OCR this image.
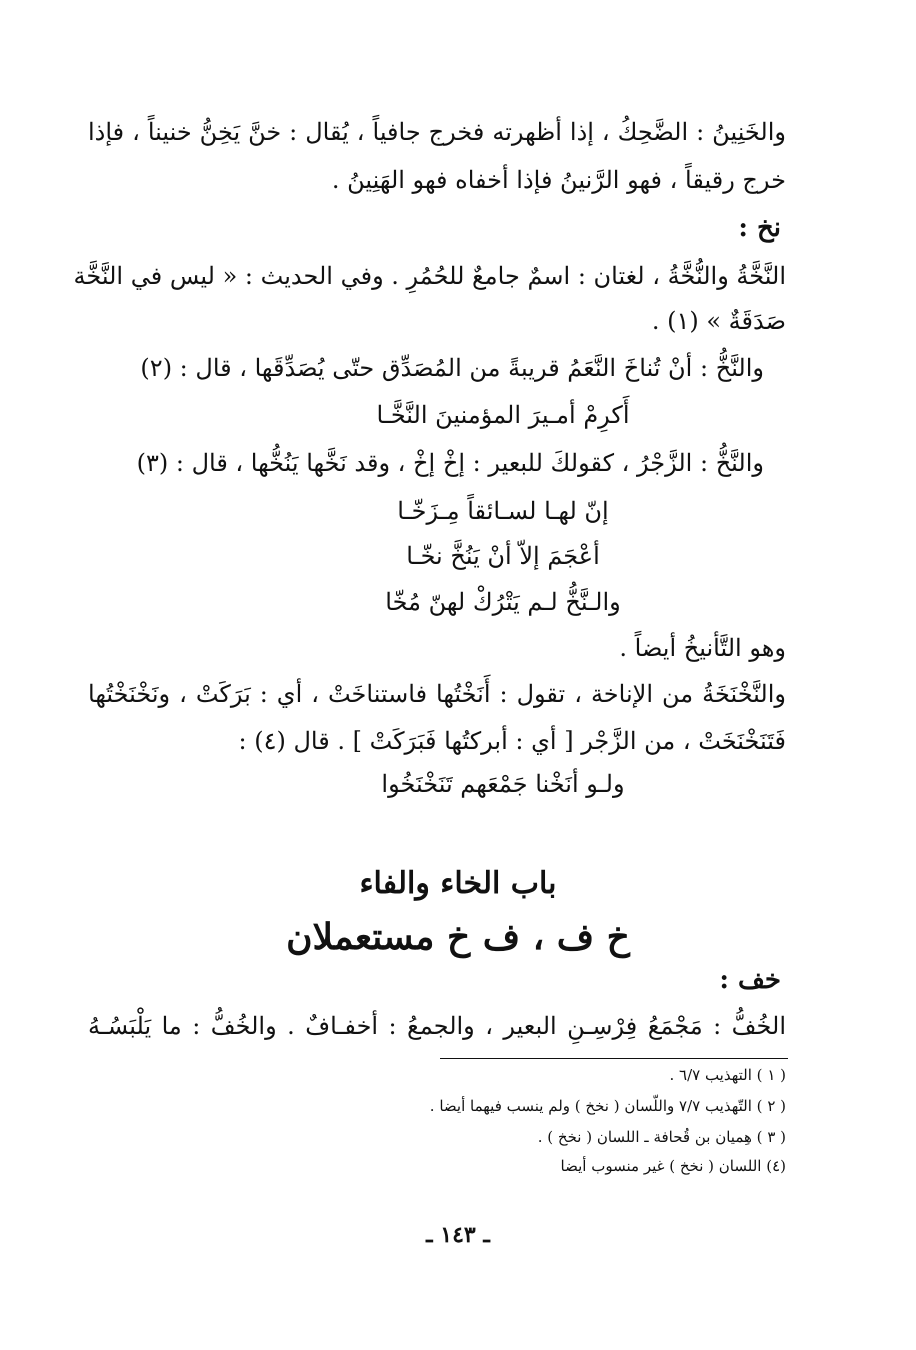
والخَنِينُ : الضَّحِكُ ، إذا أظهرته فخرج جافياً ، يُقال : خنَّ يَخِنُّ خنيناً ، فإذا
خرج رقيقاً ، فهو الرَّنينُ فإذا أخفاه فهو الهَنِينُ .
نخ :
النَّخَّةُ والنُّخَّةُ ، لغتان : اسمٌ جامعٌ للحُمُرِ . وفي الحديث : « ليس في النَّخَّة
صَدَقَةٌ » (١) .
والنَّخُّ : أنْ تُناخَ النَّعَمُ قريبةً من المُصَدِّق حتّى يُصَدِّقَها ، قال : (٢)
أَكرِمْ أمـيرَ المؤمنينَ النَّخَّـا
والنَّخُّ : الزَّجْرُ ، كقولكَ للبعير : إخْ إخْ ، وقد نَخَّها يَنُخُّها ، قال : (٣)
إنّ لهـا لسـائقاً مِـزَخّـا
أعْجَمَ إلاّ أنْ يَنُخَّ نخّـا
والـنَّخُّ لـم يَتْرُكْ لهنّ مُخّا
وهو التَّأنيخُ أيضاً .
والنَّخْنَخَةُ من الإناخة ، تقول : أَنَخْتُها فاستناخَتْ ، أي : بَرَكَتْ ، ونَخْنَخْتُها
فَتَنَخْنَخَتْ ، من الزَّجْر [ أي : أبركتُها فَبَرَكَتْ ] . قال (٤) :
ولـو أنَخْنا جَمْعَهم تَنَخْنَخُوا
باب الخاء والفاء
خ ف ، ف خ مستعملان
خف :
الخُفُّ : مَجْمَعُ فِرْسِـنِ البعير ، والجمعُ : أخفـافٌ . والخُفُّ : ما يَلْبَسُـهُ
( ١ ) التهذيب ٦/٧ .
( ٢ ) التّهذيب ٧/٧ واللّسان ( نخخ ) ولم ينسب فيهما أيضا .
( ٣ ) هِميان بن قُحافة ـ اللسان ( نخخ ) .
(٤) اللسان ( نخخ ) غير منسوب أيضا
ـ ١٤٣ ـ
